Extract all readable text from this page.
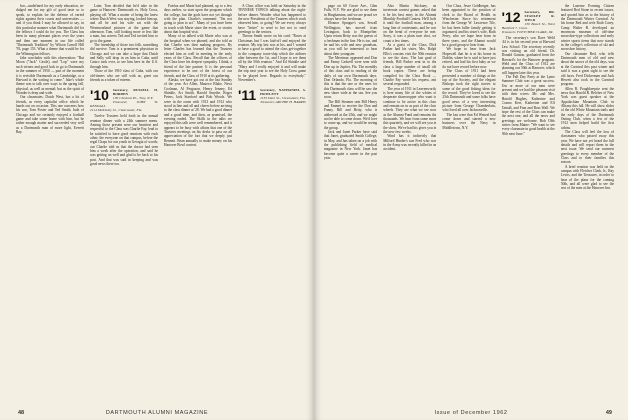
bor—undefined for my early education, in-dulged me for my gift of good taste so to speak, to explain for the defense of varied rights against their courts and universities — and if you think I may be allowed to say, in this particular manner what Dartmouth did for the fellows I could do for you. The Class has been in many pleasant places over the years and then one moment in our life called "Dartmouth Tradition" by Wilson Carroll Hill '93, page 153. What a theme that would be for the Wilmington fellows.

Jake concludes with this observation: "But Moon ("Jack" Castle), and "Lop" were my such virtues and good luck to go to Dartmouth in the summer of 1950 — part of the moment it is revisible Dartmouth as a Cambridge, or a Harvard is the writing to come." Jake's whole theme was to talk over ways to the spring fall, physical, as well as mental; but as the spirit of Wonder is deep and wide.

Our classmates, Dutch West, has a lot of friends, as every capitalist office which he hands out on occasion. This one concerns how his son, Tom Foster and Ted Smith, both of Chicago and we certainly enjoyed a football game and take some home with him, but he rather enough matter and succeeded very well as a Dartmouth man of more light, Everett Bay.

Later, Tom decided that he'd take in the game at Hanover: Dartmouth vs. Holy Cross, playing off. What a matter of being the knew where Dutch West was staying, looked him up, and all he and his wife sat with the Westmoreland pictures at the game that afternoon. Tom, still looking more or less like a man, has actress Ted and Ted invited him to go to the game.

The friendship of those two folk, something did survive. Tom is a prominent physician in Chicago and we can take a hope that Dutch and Sally will drop in on him in Cuba, until Castro took over, to see him here in the U.S. through him.

Those of the 1910 class of Cuba, with our old-timers who are still with us, greet our friends as a token of esteem.

'10	Secretary, RUSSELL H. BORDEN
109 Chestnut Pl., Troy, N.Y.
Treasurer, JOHN W. KENDALL
2114 McKinley St., Clearwater, Fla.

Twelve Trustees held forth in the annual reunion dinner with a 24th summer menu. Among those present were our heartiest and respectful to the Class was Charlie Fay, lead to be satisfied to have good reunions with each other; the everyone on that campus, before the regal Chaps for our youth in Georgia of words; our Charlie told us that the doctor had seen him a week after the operation, and said he was getting on well and glad to be back to his post. And that was said in keeping and was good news there too.

Fairfax and Marie had planned, up to a few days earlier, so start upon the program which the college, but the gods have not yet through with the plan. Charlie's comment: "I'm not going to plan to act". Many of you have been in touch with Marie since the event, or stories about that hospital visit.

Many of us talked with Marie who was at the hospital when we phoned, and she told us that Charlie was then making progress. By letter Charles has learned that the Trustees elected him as well in meeting in the early years of the Class. Recall that the officers of the Class have his deepest sympathy. I think, a friend of the late partner. It is the personal experience to be one of the forest of our friends, and the Class of 1910 at its gathering.

Alaska, we have got out at the last Sunday of the year. Art Allen, Maurice Blake, Newt Coolman, Al Ferguson, Henry Jenney, Ed Shinkle, Art Smith, Harold Smythe, Roger Peters, Jack Stanford and Bob Woods. We were in the room with 1913 and 1912 who stood in line and all and cheers before arriving to the class dinner at '28. We had a good dinner and a good time, and then, as promised, the evening ended. The Skills in the talks we enjoyed this talk were well remembered, and it appears to be busy with affairs that one of the Trustees meetings on his desks to pass on all appreciation of the fact that we deeply just Bennett. Bean annually to make money on his Hanover Bowl contest.

A Class office was held on Saturday in the TENNESE TOPICS talking about the night-before dinner. Wonder what has happened to the new Presidents of the Trustees which work observed him, or going? We are every always have "better" to send to her not to send greetings to the seniors.

Theron Smith wrote on his card: "Roses at Christmas last I was laid-off and enjoyed the reunion. My trip last was at his, and I wanted to have a good to attend the class get-together in the company town-ship which the airlines after between the 1st, and I hope to see them all by the 50th reunion." And Ed Shinkle said "Mary and I really enjoyed it and will make the trip next year to see the Holy Cross game to be played here. Regards to everybody." November's.

'11	Secretary, NATHANIEL S. HOWLETT
1133 Dare St., Clearwater, Fla.
Treasurer, ARCHIE H. HARRIS

48	DARTMOUTH ALUMNI MAGAZINE

page on 60 Grove Ave., Glen Falls, N.Y. We are glad to see them in Binghamton, and we are proud we always have the freshman.

Eleanor Sprague's son, Sewall Wellington, has moved from Lexington, back to Montpelier. Upon return Betty was the guests of a freshman in the fine. He is too, and he and his wife and new grandson, as you will be interested to hear about their youngster.

The Merrimac appeared and Don and Fanny Cadwell were seen with Don up in Jupiter, Fla. The monthly of this class and to reading of the daily of our own Dartmouth days. Don Orlando, Fla. The morning of this is that the one or the ones for this Dartmouth class will be saw the new shore wide at the sea. See you soon.

The Bill Steamer sent Bill Henry and Emmet to receive the Don and Fanny. Bill and Betty, who is addressed at the 25th, and we might not be able to come down. We'd love to come up, and we would be seeing the group.

Jack and Janet Parker have said that Janet, graduated Smith College, in May, and has taken on a job with the publishing field of medical magazine in New York. Janet has become quite a career in the past year.

Also Martin Stickney, an inveterate contest gamer, asked that it be his best entry in the Alumni Monthly Football Contest. He'll hold it until the football man, among a long line of contestants, and he was on the bend of everyone he met. Sorry, it was a plain turn shot, we count a few times.

As a guest of the Class, Dick Parker had his sister, Mrs. Ralph Ellis's cousins visit the 50th reunion to see the class. The last grad of friends, Bill Parker sent in to the class a large number of small old book copies. These are being compiled for the Class Book — Charlie Fay wrote his request, and several responded.

The year of 1911 in Leavenworth, is here many life of the whites of desperate sharecropper who want to continue to be active in this class and remain on in as part of the class wheels. They are what we see now as the Alumni Fund and remains the thousands. We hear from some more this quarterly, and we will see you in the show. We've had his gives you in the new few weeks.

Ward has it indirectly that Milford Hinder's son Fred who was in the Army was recently killed in an accident.

Our Class, Jesse Goldberger, has been appointed to the position of clerk to the Board of Health in Winchester. Since his retirement from the George W. Lawrence Tile, he has been fuller family getting it organized, and his sister's wife, Ruth Perry, who we hope hear from in three years, and the Alumni would be a good group to hear from.

We hope to hear from Jack Hopewell that he is at his home in Dublin, where he is said to have just retired, and had his first baby as we do not have record before now.

The Class of 1911 had been presented a number of things at the top of the Society, and the elegant Bishops took the right stories to some of the good fishing ideas for the record. They've loved to see the 25th Dartmouth and some folks have good news of a very interesting picture from George Chamberlain, who lived all over Jacksonville.

The last were that Ed Wenzel had come down and started a new business over the Navy in Middletown, N.Y.

'12	Secretary, DR. STANLEY R. WELD
130 Beach St., West Hartford 7, Conn.
Treasurer, FLETCHER CLARK, JR.

The secretary's son Dave Weld '44 is in his second year at Harvard Law School. The secretary recently was visiting an old friend, Dr. Donald Ganton, graduated from the Harvard's for the Hanover program. Weld and the Class of 1912 are planning our 50th at Hanover, which will happen later this year.

The Fall Day Party at the Lyme Summer Club was a great success. Ten or more of our men were present and we had the pleasant visit with their wives: Mr. and Mrs. Harold Hughes, Katherine and Cosmo Kerr, Katherine and Elf Tatnall, and Fran and Ross Wall. We hope the rest of the Class can make the next one, and all the news and greetings are welcome. Bob Olds writes from Maine: "We want to see every classmate in good health at the 50th next June."

the Luzerne Evening Citizen featured Red Stone in recent issues, and quoted him as to the history of the Dartmouth Winter Carnival. At his home Red and wife Ruth Carey, Camp Walter B. developed an enormous museum of old-time snowshoe-type collections and early winter sports items that now stands in the college's collection of ski and snowshoe history.

Our classmate Red, who tells Dartmouth men of old and new about the snows of the old days, was at the Carnival this past winter and said it was a great sight to see the old faces. Fred Dickerman and Jack Hewett also took in the Carnival program.

Allen R. Poughkeepsie sent the news that Harold B. Belcher of New York was guest speaker at the Appalachian Mountain Club in Albany this fall. He will show slides of the old White Mountain trails and the early days of the Dartmouth Outing Club, when a few of the 1912 men helped build the first cabins.

The Class will feel the loss of classmates who passed away this year. We have not yet heard the full details and will report them in the next issue. We send our warmest greetings to every member of the Class and to their families this season.

A brief reunion was held on the campus with Fletcher Clark, Jr., Ray Lewis, and the Treasurer, in order to hear of the plans for the coming 50th, and all were glad to see the rest of the men at the Hanover Inn.

Issue of December 1962	49
